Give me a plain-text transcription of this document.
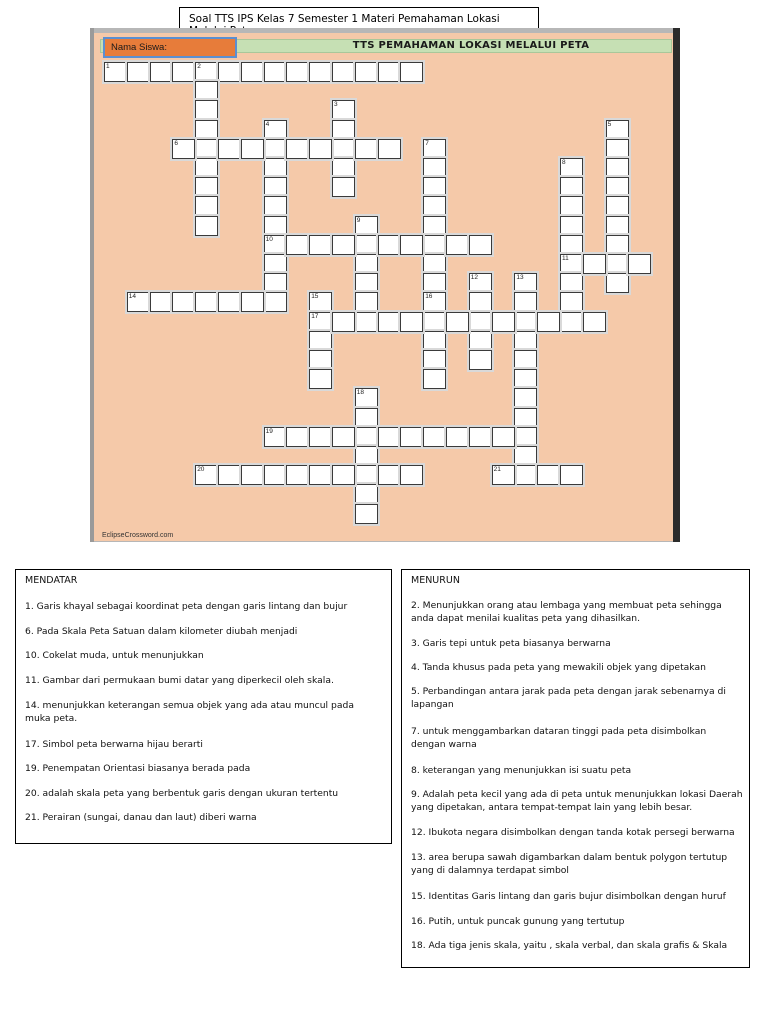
Soal TTS IPS Kelas 7 Semester 1 Materi Pemahaman Lokasi
TTS PEMAHAMAN LOKASI MELALUI PETA
Nama Siswa:
1	2
3
4	5
6	7
8
9
10
11
12	13
14	15	16
17
18
19
20	21
EclipseCrossword.com
MENDATAR
1. Garis khayal sebagai koordinat peta dengan garis lintang dan bujur
6. Pada Skala Peta Satuan dalam kilometer diubah menjadi
10. Cokelat muda, untuk menunjukkan
11. Gambar dari permukaan bumi datar yang diperkecil oleh skala.
14. menunjukkan keterangan semua objek yang ada atau muncul pada muka peta.
17. Simbol peta berwarna hijau berarti
19. Penempatan Orientasi biasanya berada pada
20. adalah skala peta yang berbentuk garis dengan ukuran tertentu
21. Perairan (sungai, danau dan laut) diberi warna
MENURUN
2. Menunjukkan orang atau lembaga yang membuat peta sehingga anda dapat menilai kualitas peta yang dihasilkan.
3. Garis tepi untuk peta biasanya berwarna
4. Tanda khusus pada peta yang mewakili objek yang dipetakan
5. Perbandingan antara jarak pada peta dengan jarak sebenarnya di lapangan
7. untuk menggambarkan dataran tinggi pada peta disimbolkan dengan warna
8. keterangan yang menunjukkan isi suatu peta
9. Adalah peta kecil yang ada di peta untuk menunjukkan lokasi Daerah yang dipetakan, antara tempat-tempat lain yang lebih besar.
12. Ibukota negara disimbolkan dengan tanda kotak persegi berwarna
13. area berupa sawah digambarkan dalam bentuk polygon tertutup yang di dalamnya terdapat simbol
15. Identitas Garis lintang dan garis bujur disimbolkan dengan huruf
16. Putih, untuk puncak gunung yang tertutup
18. Ada tiga jenis skala, yaitu , skala verbal, dan skala grafis & Skala
